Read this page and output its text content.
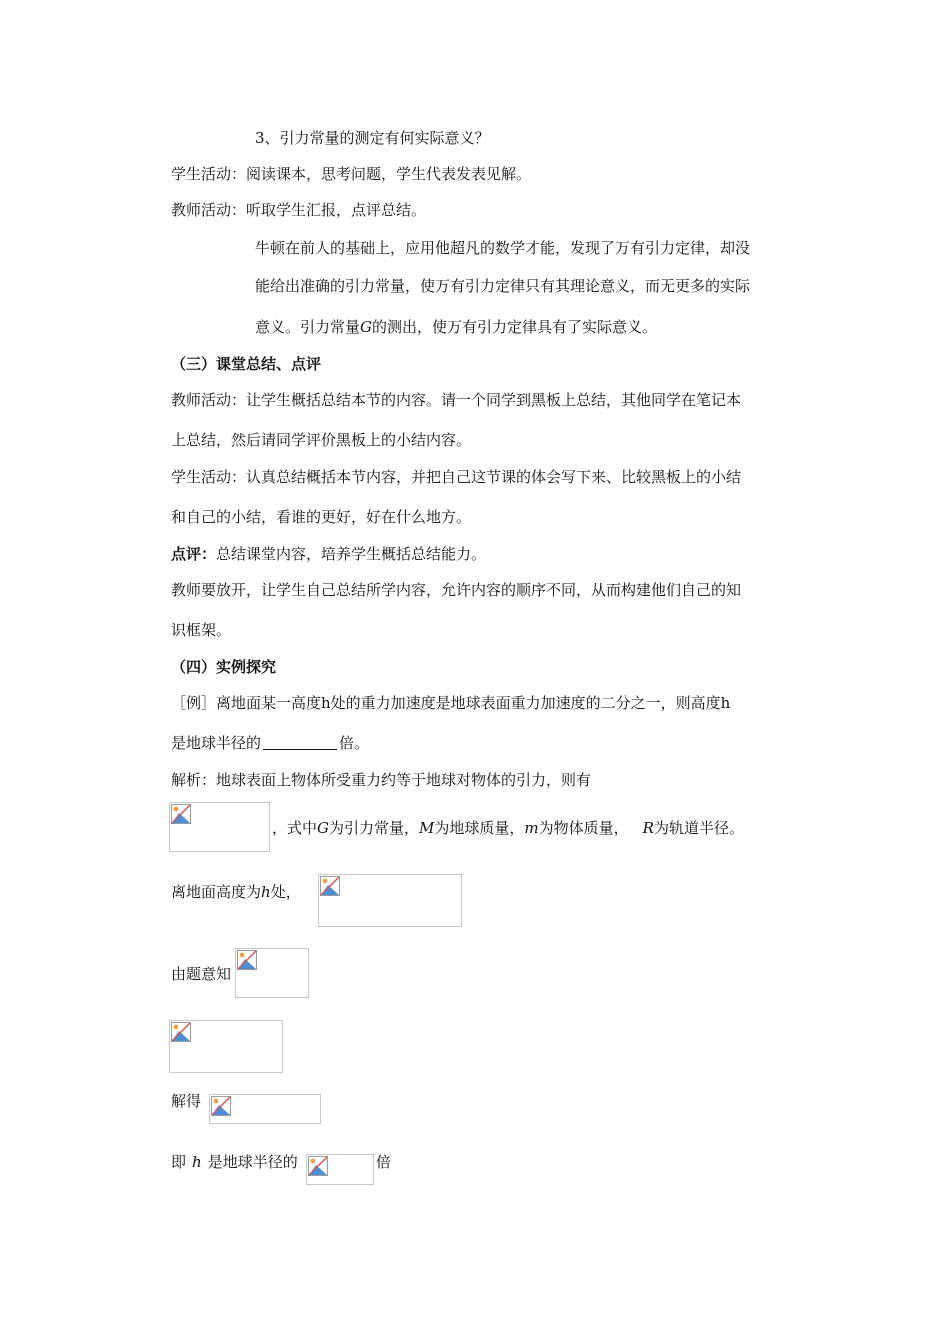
3、引力常量的测定有何实际意义？
学生活动：阅读课本，思考问题，学生代表发表见解。
教师活动：听取学生汇报，点评总结。
牛顿在前人的基础上，应用他超凡的数学才能，发现了万有引力定律，却没
能给出准确的引力常量，使万有引力定律只有其理论意义，而无更多的实际
意义。引力常量G的测出，使万有引力定律具有了实际意义。
（三）课堂总结、点评
教师活动：让学生概括总结本节的内容。请一个同学到黑板上总结，其他同学在笔记本
上总结，然后请同学评价黑板上的小结内容。
学生活动：认真总结概括本节内容，并把自己这节课的体会写下来、比较黑板上的小结
和自己的小结，看谁的更好，好在什么地方。
点评：总结课堂内容，培养学生概括总结能力。
教师要放开，让学生自己总结所学内容，允许内容的顺序不同，从而构建他们自己的知
识框架。
（四）实例探究
［例］离地面某一高度h处的重力加速度是地球表面重力加速度的二分之一，则高度h
是地球半径的	倍。
解析：地球表面上物体所受重力约等于地球对物体的引力，则有
，式中G为引力常量，M为地球质量，m为物体质量， R为轨道半径。
离地面高度为h处，
由题意知
解得
即 h 是地球半径的	倍
